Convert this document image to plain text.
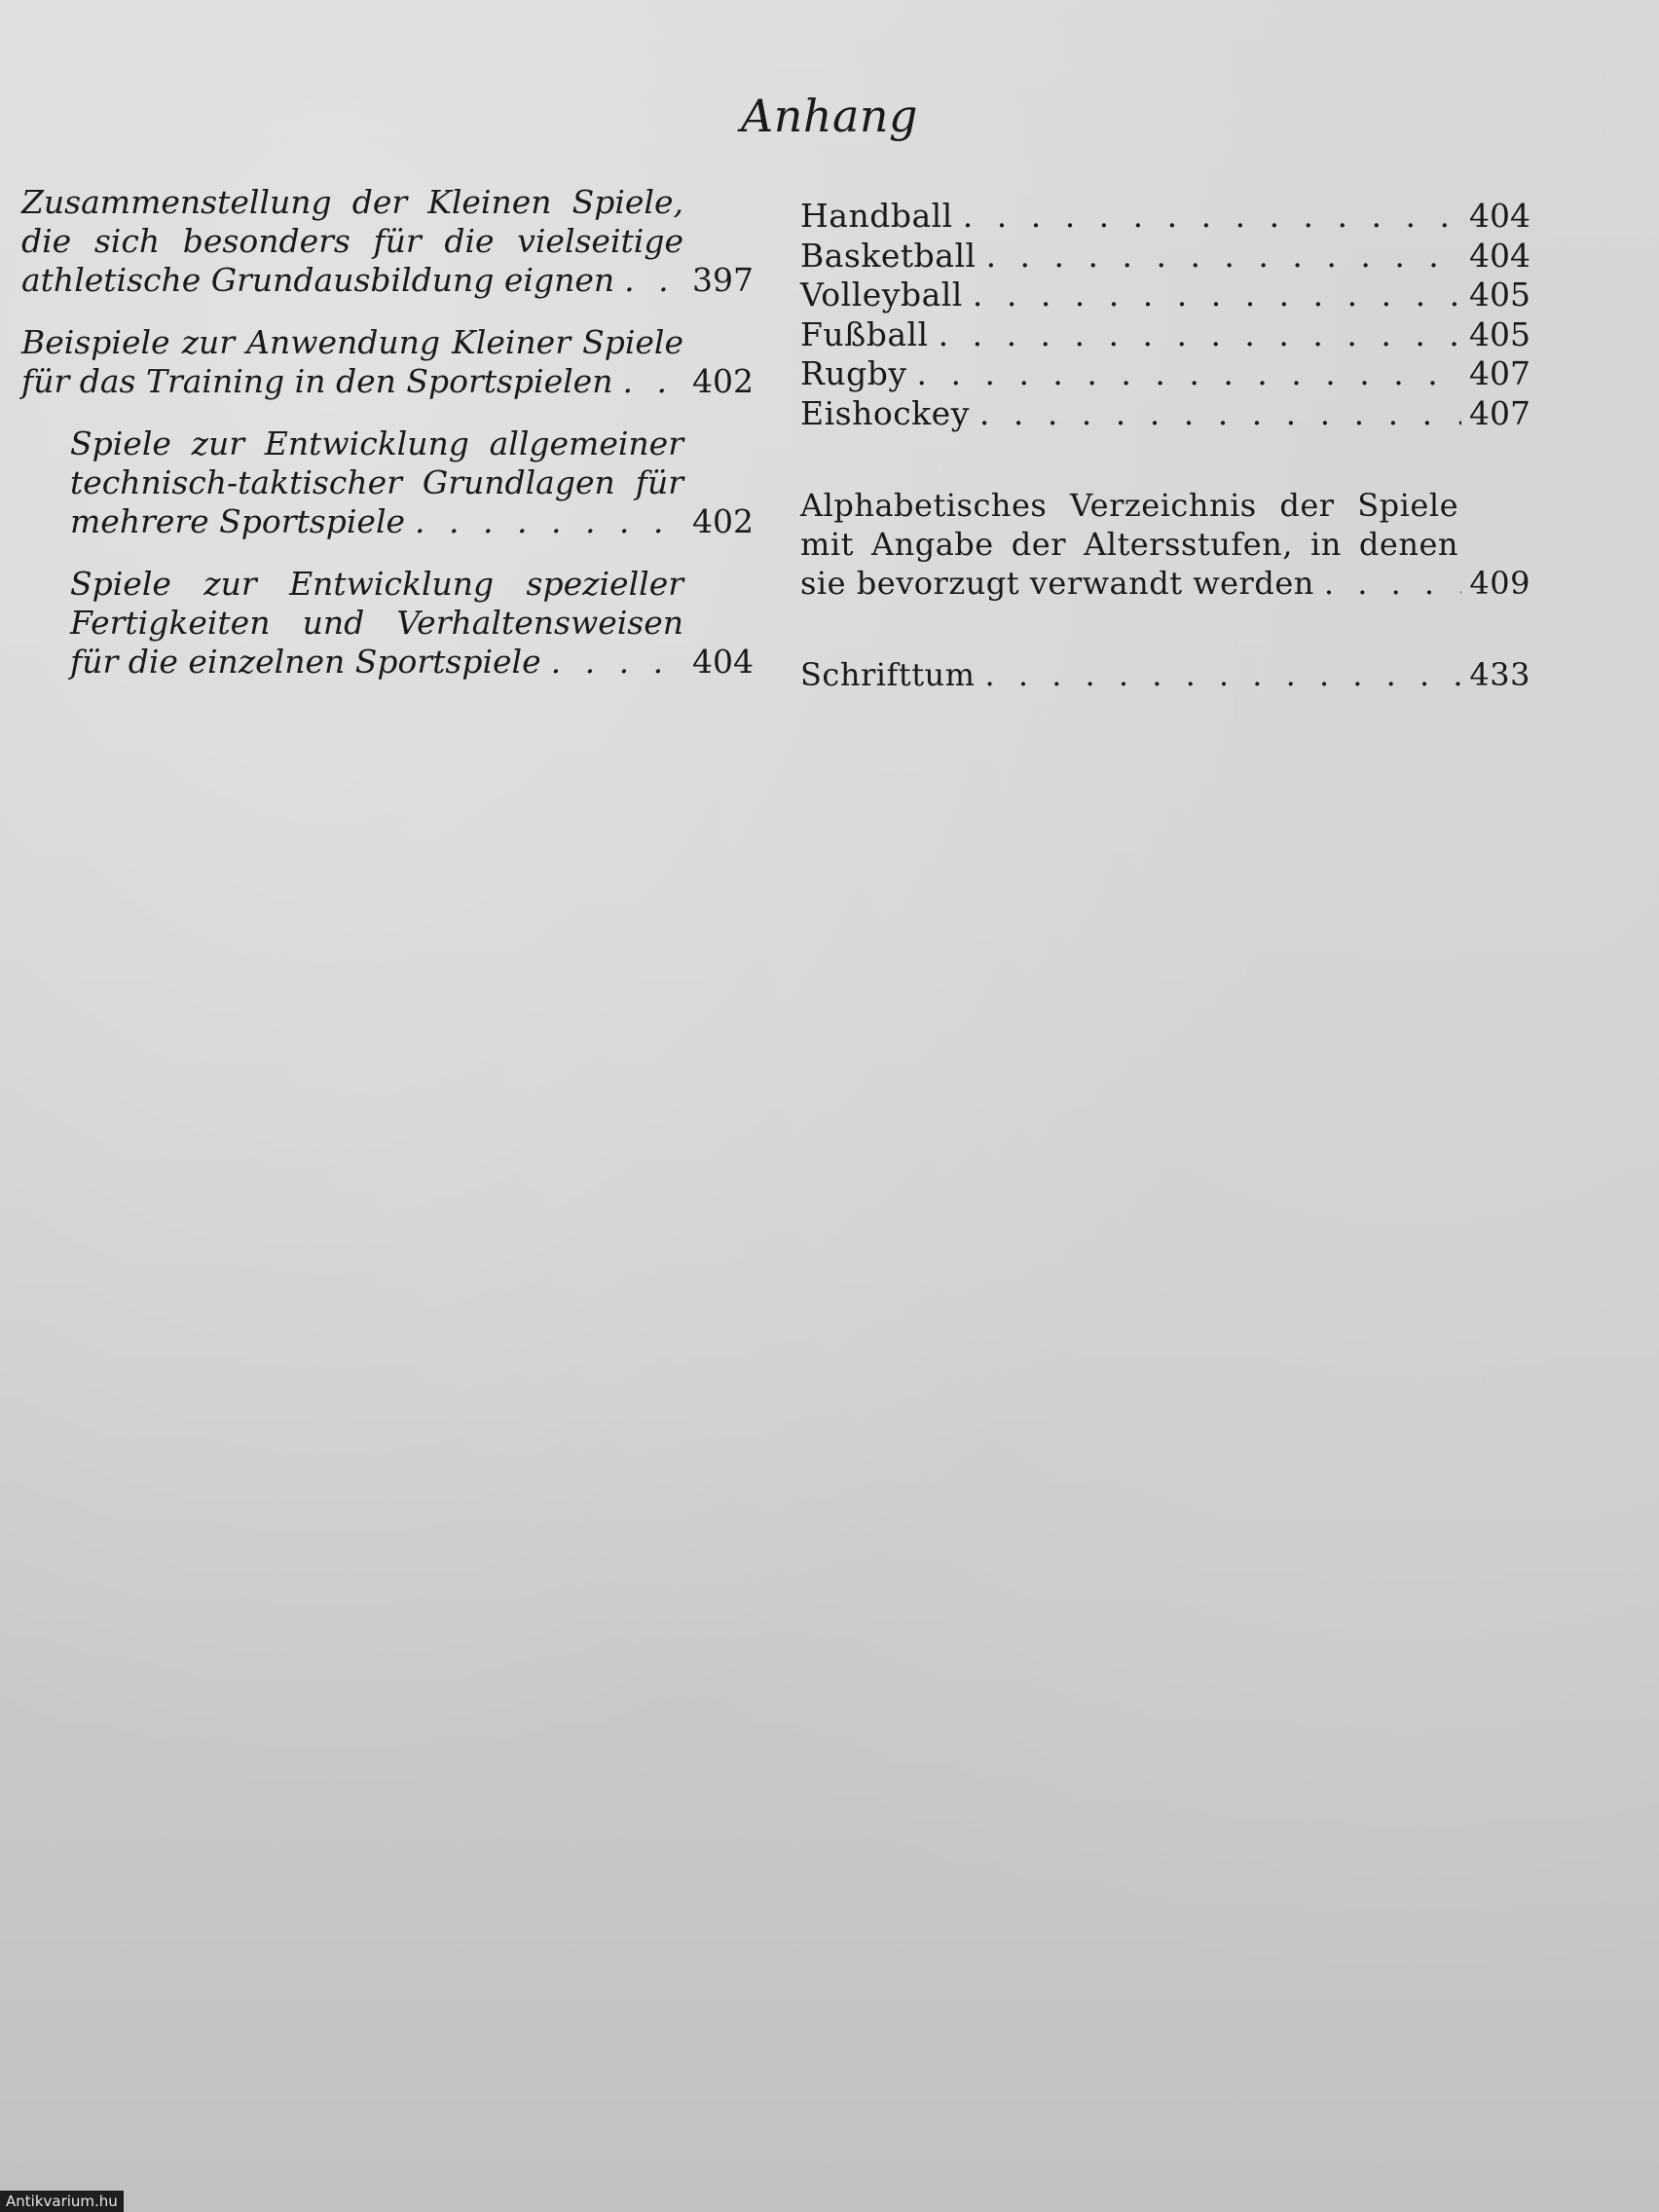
Anhang
Zusammenstellung der Kleinen Spiele,
die sich besonders für die vielseitige
athletische Grundausbildung eignen . . . 397
Beispiele zur Anwendung Kleiner Spiele
für das Training in den Sportspielen . . . 402
Spiele zur Entwicklung allgemeiner
technisch-taktischer Grundlagen für
mehrere Sportspiele . . .	402
Spiele zur Entwicklung spezieller
Fertigkeiten und Verhaltensweisen
für die einzelnen Sportspiele . . .	404
Handball . . .	404
Basketball . . .	404
Volleyball . . .	405
Fußball . . .	405
Rugby . . .	407
Eishockey . . .	407
Alphabetisches Verzeichnis der Spiele
mit Angabe der Altersstufen, in denen
sie bevorzugt verwandt werden . . .	409
Schrifttum . . .	433
Antikvarium.hu
